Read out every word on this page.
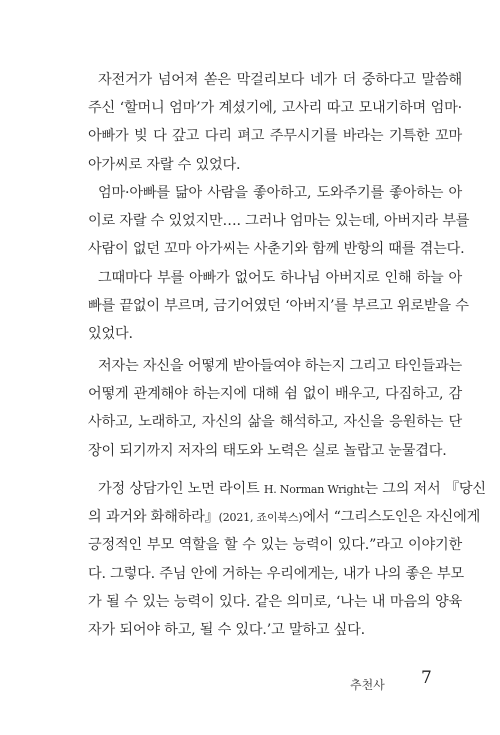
자전거가 넘어져 쏟은 막걸리보다 네가 더 중하다고 말씀해
주신 ‘할머니 엄마’가 계셨기에, 고사리 따고 모내기하며 엄마·
아빠가 빚 다 갚고 다리 펴고 주무시기를 바라는 기특한 꼬마
아가씨로 자랄 수 있었다.
엄마·아빠를 닮아 사람을 좋아하고, 도와주기를 좋아하는 아
이로 자랄 수 있었지만…. 그러나 엄마는 있는데, 아버지라 부를
사람이 없던 꼬마 아가씨는 사춘기와 함께 반항의 때를 겪는다.
그때마다 부를 아빠가 없어도 하나님 아버지로 인해 하늘 아
빠를 끝없이 부르며, 금기어였던 ‘아버지’를 부르고 위로받을 수
있었다.
저자는 자신을 어떻게 받아들여야 하는지 그리고 타인들과는
어떻게 관계해야 하는지에 대해 쉼 없이 배우고, 다짐하고, 감
사하고, 노래하고, 자신의 삶을 해석하고, 자신을 응원하는 단
장이 되기까지 저자의 태도와 노력은 실로 놀랍고 눈물겹다.
가정 상담가인 노먼 라이트 H. Norman Wright는 그의 저서 『당신
의 과거와 화해하라』(2021, 죠이북스)에서 “그리스도인은 자신에게
긍정적인 부모 역할을 할 수 있는 능력이 있다.”라고 이야기한
다. 그렇다. 주님 안에 거하는 우리에게는, 내가 나의 좋은 부모
가 될 수 있는 능력이 있다. 같은 의미로, ‘나는 내 마음의 양육
자가 되어야 하고, 될 수 있다.’고 말하고 싶다.
추천사 7
